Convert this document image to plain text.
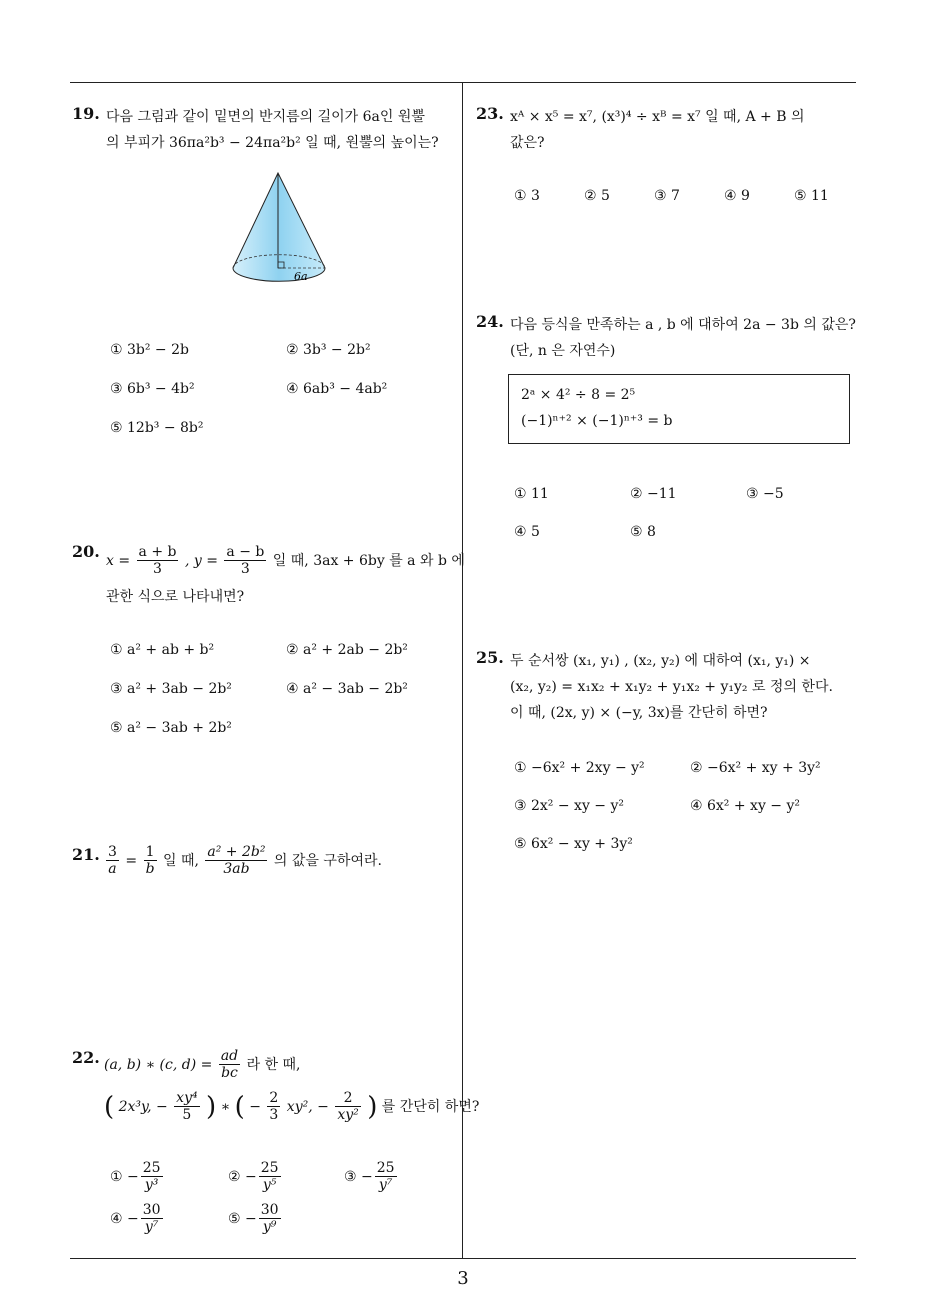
3
19. 다음 그림과 같이 밑면의 반지름의 길이가 6a인 원뿔
의 부피가 36πa²b³ − 24πa²b² 일 때, 원뿔의 높이는?
6a
① 3b² − 2b	② 3b³ − 2b²
③ 6b³ − 4b²	④ 6ab³ − 4ab²
⑤ 12b³ − 8b²
20. $x = \frac{a + b}{3}$ , $y = \frac{a - b}{3}$ 일 때, 3ax + 6by 를 a 와 b 에
관한 식으로 나타내면?
① a² + ab + b²	② a² + 2ab − 2b²
③ a² + 3ab − 2b²	④ a² − 3ab − 2b²
⑤ a² − 3ab + 2b²
21. $\frac{3}{a} = \frac{1}{b}$ 일 때, $\frac{\text{a² + 2b²}}{3ab}$ 의 값을 구하여라.
22. (a, b) ∗ (c, $d) = \frac{ad}{bc}$ 라 한 때,
( 2x³y, − $\frac{\text{xy⁴}}{5}$ ) ∗ ( − $\frac{2}{3} xy^2$, − $\frac{2}{\text{xy²}}$ ) 를 간단히 하면?
① − $\frac{25}{\text{y³}}$	② − $\frac{25}{\text{y⁵}}$	③ − $\frac{25}{\text{y⁷}}$
④ − $\frac{30}{\text{y⁷}}$	⑤ − $\frac{30}{\text{y⁹}}$
23. xᴬ × x⁵ = x⁷, (x³)⁴ ÷ xᴮ = x⁷ 일 때, A + B 의
값은?
① 3	② 5	③ 7	④ 9	⑤ 11
24. 다음 등식을 만족하는 a , b 에 대하여 2a − 3b 의 값은?
(단, n 은 자연수)
2ᵃ × 4² ÷ 8 = 2⁵
(−1)ⁿ⁺² × (−1)ⁿ⁺³ = b
① 11	② −11	③ −5
④ 5	⑤ 8
25. 두 순서쌍 (x₁, y₁) , (x₂, y₂) 에 대하여 (x₁, y₁) ×
(x₂, y₂) = x₁x₂ + x₁y₂ + y₁x₂ + y₁y₂ 로 정의 한다.
이 때, (2x, y) × (−y, 3x)를 간단히 하면?
① −6x² + 2xy − y²	② −6x² + xy + 3y²
③ 2x² − xy − y²	④ 6x² + xy − y²
⑤ 6x² − xy + 3y²
